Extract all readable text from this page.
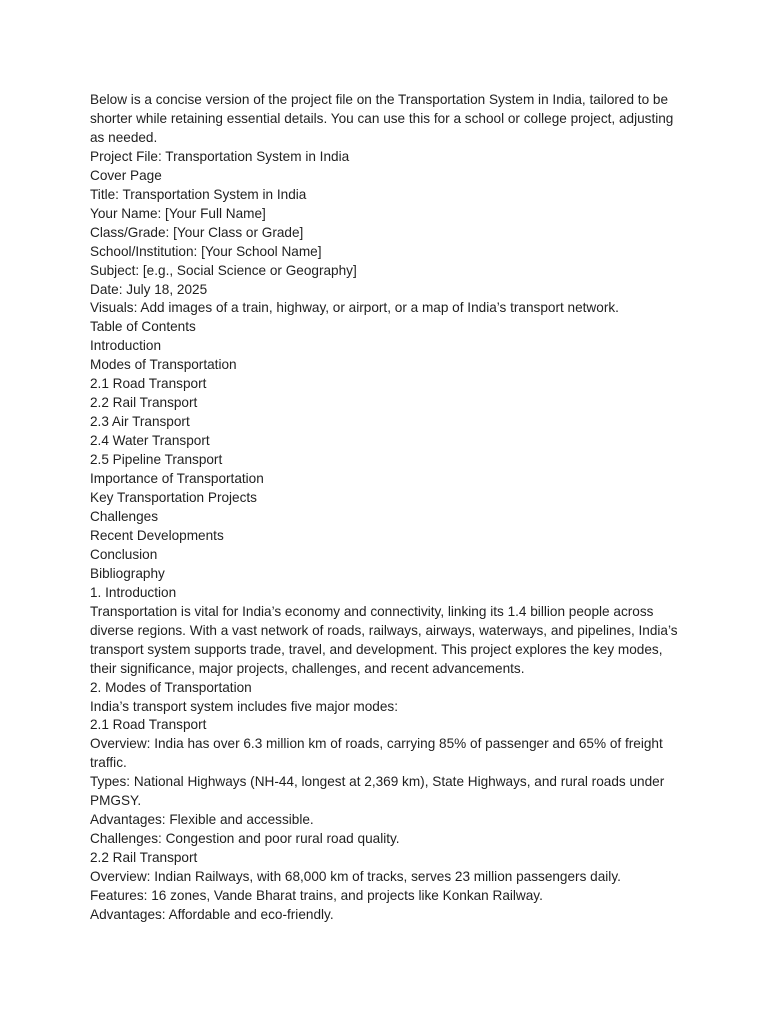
Below is a concise version of the project file on the Transportation System in India, tailored to be shorter while retaining essential details. You can use this for a school or college project, adjusting as needed.

Project File: Transportation System in India

Cover Page

Title: Transportation System in India

Your Name: [Your Full Name]

Class/Grade: [Your Class or Grade]

School/Institution: [Your School Name]

Subject: [e.g., Social Science or Geography]

Date: July 18, 2025

Visuals: Add images of a train, highway, or airport, or a map of India’s transport network.

Table of Contents

Introduction

Modes of Transportation

2.1 Road Transport

2.2 Rail Transport

2.3 Air Transport

2.4 Water Transport

2.5 Pipeline Transport

Importance of Transportation

Key Transportation Projects

Challenges

Recent Developments

Conclusion

Bibliography

1. Introduction

Transportation is vital for India’s economy and connectivity, linking its 1.4 billion people across diverse regions. With a vast network of roads, railways, airways, waterways, and pipelines, India’s transport system supports trade, travel, and development. This project explores the key modes, their significance, major projects, challenges, and recent advancements.

2. Modes of Transportation

India’s transport system includes five major modes:

2.1 Road Transport

Overview: India has over 6.3 million km of roads, carrying 85% of passenger and 65% of freight traffic.

Types: National Highways (NH-44, longest at 2,369 km), State Highways, and rural roads under PMGSY.

Advantages: Flexible and accessible.

Challenges: Congestion and poor rural road quality.

2.2 Rail Transport

Overview: Indian Railways, with 68,000 km of tracks, serves 23 million passengers daily.

Features: 16 zones, Vande Bharat trains, and projects like Konkan Railway.

Advantages: Affordable and eco-friendly.
